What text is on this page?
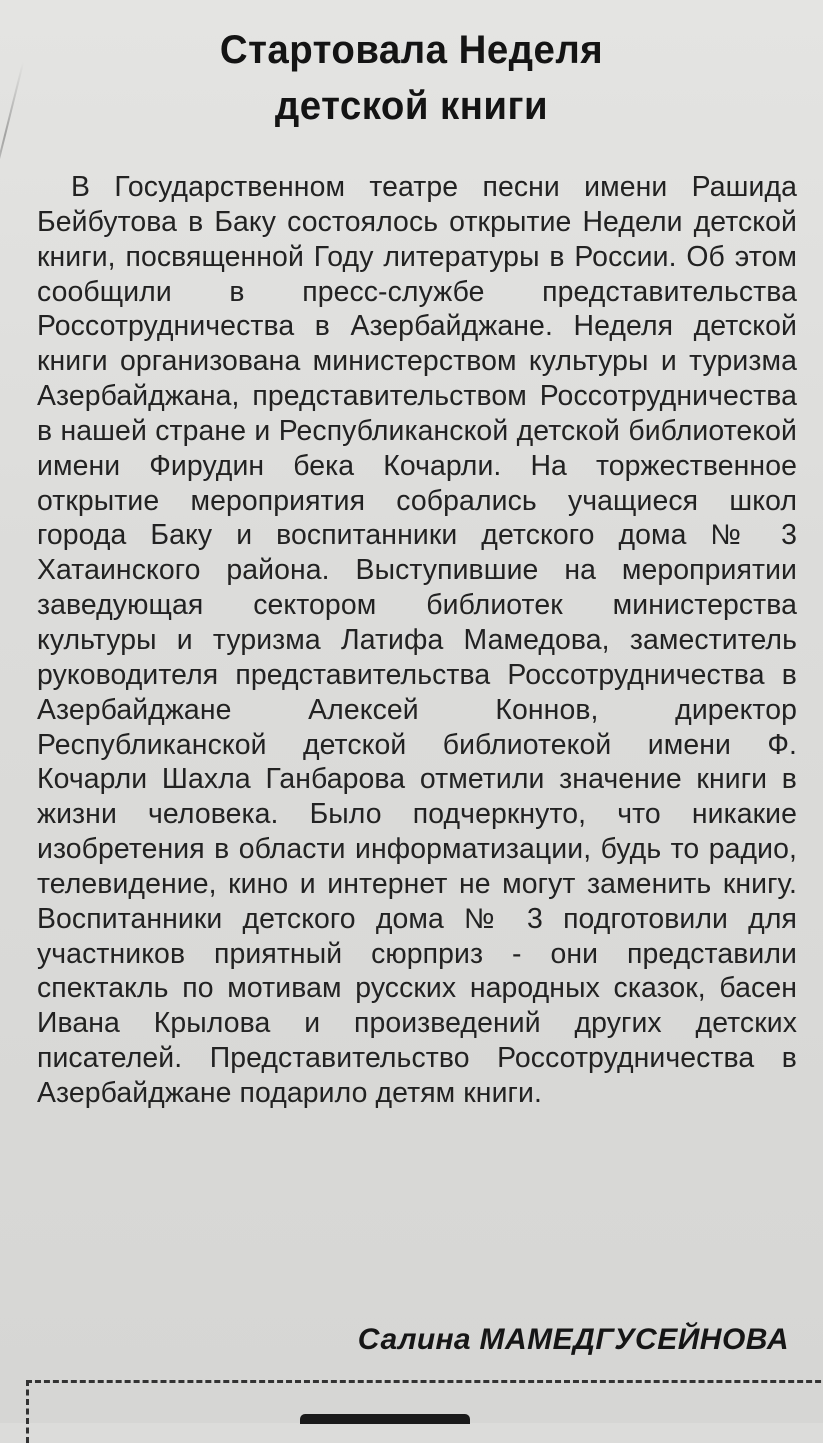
Стартовала Неделя
детской книги

В Государственном театре песни имени Рашида Бейбутова в Баку состоялось открытие Недели детской книги, посвященной Году литературы в России. Об этом сообщили в пресс-службе представительства Россотрудничества в Азербайджане. Неделя детской книги организована министерством культуры и туризма Азербайджана, представительством Россотрудничества в нашей стране и Республиканской детской библиотекой имени Фирудин бека Кочарли. На торжественное открытие мероприятия собрались учащиеся школ города Баку и воспитанники детского дома № 3 Хатаинского района. Выступившие на мероприятии заведующая сектором библиотек министерства культуры и туризма Латифа Мамедова, заместитель руководителя представительства Россотрудничества в Азербайджане Алексей Коннов, директор Республиканской детской библиотекой имени Ф. Кочарли Шахла Ганбарова отметили значение книги в жизни человека. Было подчеркнуто, что никакие изобретения в области информатизации, будь то радио, телевидение, кино и интернет не могут заменить книгу. Воспитанники детского дома № 3 подготовили для участников приятный сюрприз - они представили спектакль по мотивам русских народных сказок, басен Ивана Крылова и произведений других детских писателей. Представительство Россотрудничества в Азербайджане подарило детям книги.

Салина МАМЕДГУСЕЙНОВА
